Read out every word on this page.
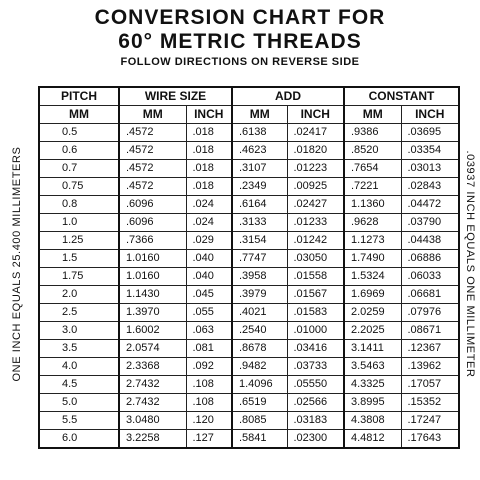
CONVERSION CHART FOR
60° METRIC THREADS
FOLLOW DIRECTIONS ON REVERSE SIDE
ONE INCH EQUALS 25.400 MILLIMETERS	.03937 INCH EQUALS ONE MILLIMETER
PITCH	WIRE SIZE		ADD		CONSTANT	
MM	MM	INCH	MM	INCH	MM	INCH
0.5	.4572	.018	.6138	.02417	.9386	.03695
0.6	.4572	.018	.4623	.01820	.8520	.03354
0.7	.4572	.018	.3107	.01223	.7654	.03013
0.75	.4572	.018	.2349	.00925	.7221	.02843
0.8	.6096	.024	.6164	.02427	1.1360	.04472
1.0	.6096	.024	.3133	.01233	.9628	.03790
1.25	.7366	.029	.3154	.01242	1.1273	.04438
1.5	1.0160	.040	.7747	.03050	1.7490	.06886
1.75	1.0160	.040	.3958	.01558	1.5324	.06033
2.0	1.1430	.045	.3979	.01567	1.6969	.06681
2.5	1.3970	.055	.4021	.01583	2.0259	.07976
3.0	1.6002	.063	.2540	.01000	2.2025	.08671
3.5	2.0574	.081	.8678	.03416	3.1411	.12367
4.0	2.3368	.092	.9482	.03733	3.5463	.13962
4.5	2.7432	.108	1.4096	.05550	4.3325	.17057
5.0	2.7432	.108	.6519	.02566	3.8995	.15352
5.5	3.0480	.120	.8085	.03183	4.3808	.17247
6.0	3.2258	.127	.5841	.02300	4.4812	.17643
